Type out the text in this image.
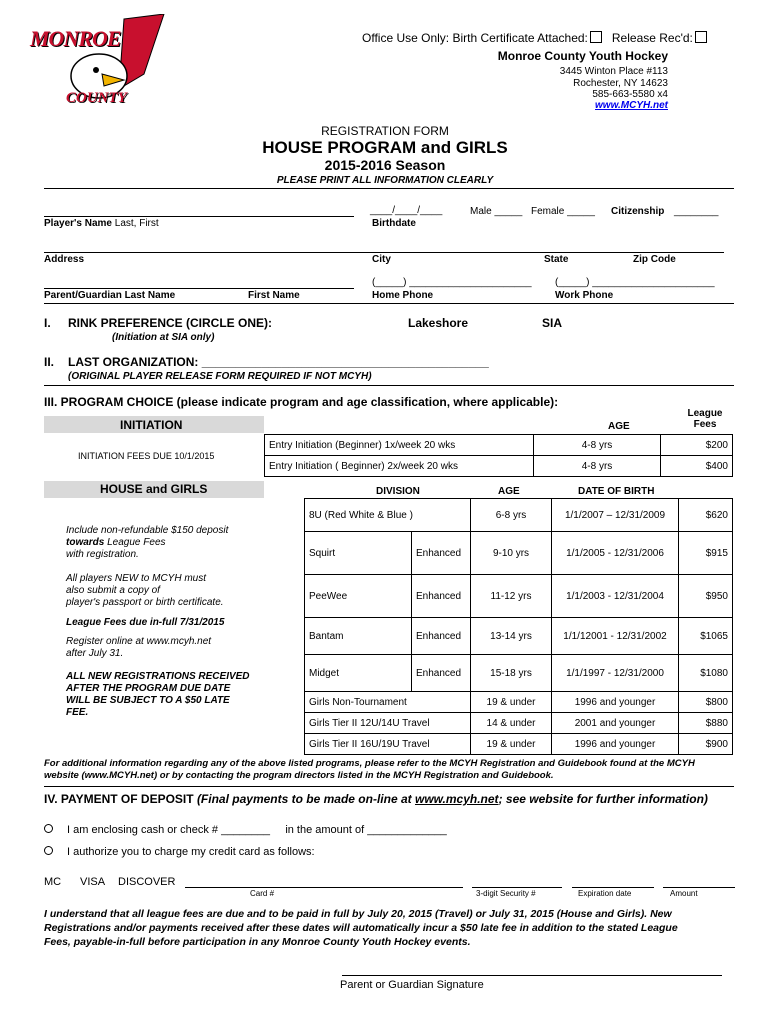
MONROE
COUNTY
Office Use Only: Birth Certificate Attached: Release Rec'd:
Monroe County Youth Hockey
3445 Winton Place #113
Rochester, NY 14623
585-663-5580 x4
www.MCYH.net
REGISTRATION FORM
HOUSE PROGRAM and GIRLS
2015-2016 Season
PLEASE PRINT ALL INFORMATION CLEARLY
Player's Name Last, First
____/____/____
Birthdate
Male _____ Female _____ Citizenship ________
Address	City	State	Zip Code
(_____) ______________________ (_____) ______________________
Parent/Guardian Last Name	First Name	Home Phone	Work Phone
I. RINK PREFERENCE (CIRCLE ONE):	Lakeshore	SIA
(Initiation at SIA only)
II. LAST ORGANIZATION: ___________________________________________
(ORIGINAL PLAYER RELEASE FORM REQUIRED IF NOT MCYH)
III. PROGRAM CHOICE (please indicate program and age classification, where applicable):
League Fees
INITIATION	AGE
INITIATION FEES DUE 10/1/2015
Entry Initiation (Beginner) 1x/week 20 wks	4-8 yrs	$200
Entry Initiation ( Beginner) 2x/week 20 wks	4-8 yrs	$400
HOUSE and GIRLS	DIVISION	AGE	DATE OF BIRTH
8U (Red White & Blue )		6-8 yrs	1/1/2007 – 12/31/2009	$620
Squirt	Enhanced	9-10 yrs	1/1/2005 - 12/31/2006	$915
PeeWee	Enhanced	11-12 yrs	1/1/2003 - 12/31/2004	$950
Bantam	Enhanced	13-14 yrs	1/1/12001 - 12/31/2002	$1065
Midget	Enhanced	15-18 yrs	1/1/1997 - 12/31/2000	$1080
Girls Non-Tournament		19 & under	1996 and younger	$800
Girls Tier II 12U/14U Travel		14 & under	2001 and younger	$880
Girls Tier II 16U/19U Travel		19 & under	1996 and younger	$900
Include non-refundable $150 deposit
towards League Fees
with registration.
All players NEW to MCYH must
also submit a copy of
player's passport or birth certificate.
League Fees due in-full 7/31/2015
Register online at www.mcyh.net
after July 31.
ALL NEW REGISTRATIONS RECEIVED
AFTER THE PROGRAM DUE DATE
WILL BE SUBJECT TO A $50 LATE
FEE.
For additional information regarding any of the above listed programs, please refer to the MCYH Registration and Guidebook found at the MCYH
website (www.MCYH.net) or by contacting the program directors listed in the MCYH Registration and Guidebook.
IV. PAYMENT OF DEPOSIT (Final payments to be made on-line at www.mcyh.net; see website for further information)
I am enclosing cash or check # ________ in the amount of _____________
I authorize you to charge my credit card as follows:
MC VISA DISCOVER
Card #	3-digit Security #	Expiration date	Amount
I understand that all league fees are due and to be paid in full by July 20, 2015 (Travel) or July 31, 2015 (House and Girls). New
Registrations and/or payments received after these dates will automatically incur a $50 late fee in addition to the stated League
Fees, payable-in-full before participation in any Monroe County Youth Hockey events.
Parent or Guardian Signature
